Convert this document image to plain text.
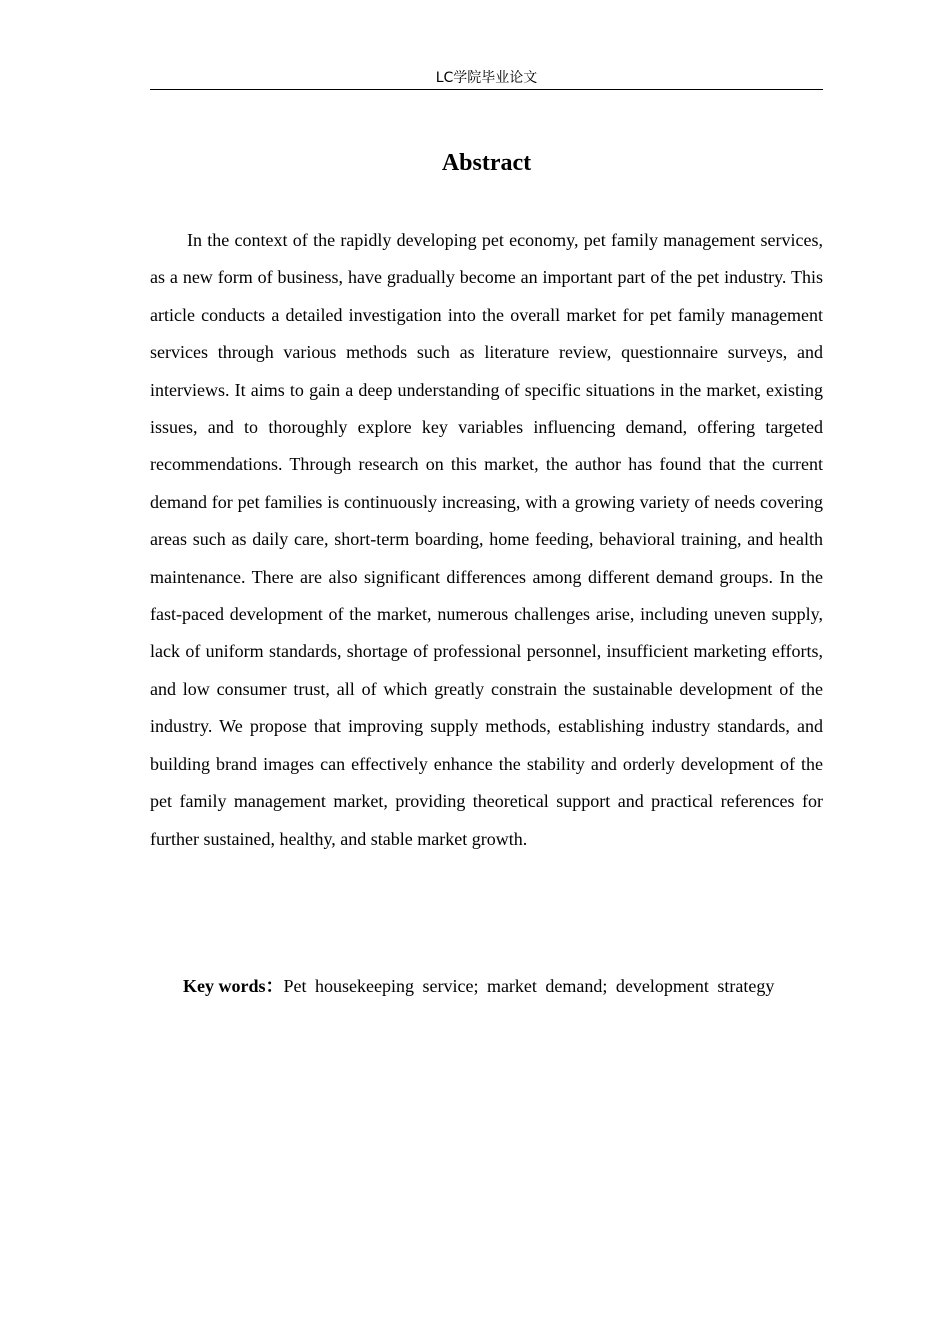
LC学院毕业论文
Abstract

In the context of the rapidly developing pet economy, pet family management services, as a new form of business, have gradually become an important part of the pet industry. This article conducts a detailed investigation into the overall market for pet family management services through various methods such as literature review, questionnaire surveys, and interviews. It aims to gain a deep understanding of specific situations in the market, existing issues, and to thoroughly explore key variables influencing demand, offering targeted recommendations. Through research on this market, the author has found that the current demand for pet families is continuously increasing, with a growing variety of needs covering areas such as daily care, short-term boarding, home feeding, behavioral training, and health maintenance. There are also significant differences among different demand groups. In the fast-paced development of the market, numerous challenges arise, including uneven supply, lack of uniform standards, shortage of professional personnel, insufficient marketing efforts, and low consumer trust, all of which greatly constrain the sustainable development of the industry. We propose that improving supply methods, establishing industry standards, and building brand images can effectively enhance the stability and orderly development of the pet family management market, providing theoretical support and practical references for further sustained, healthy, and stable market growth.

Key words：Pet housekeeping service; market demand; development strategy
